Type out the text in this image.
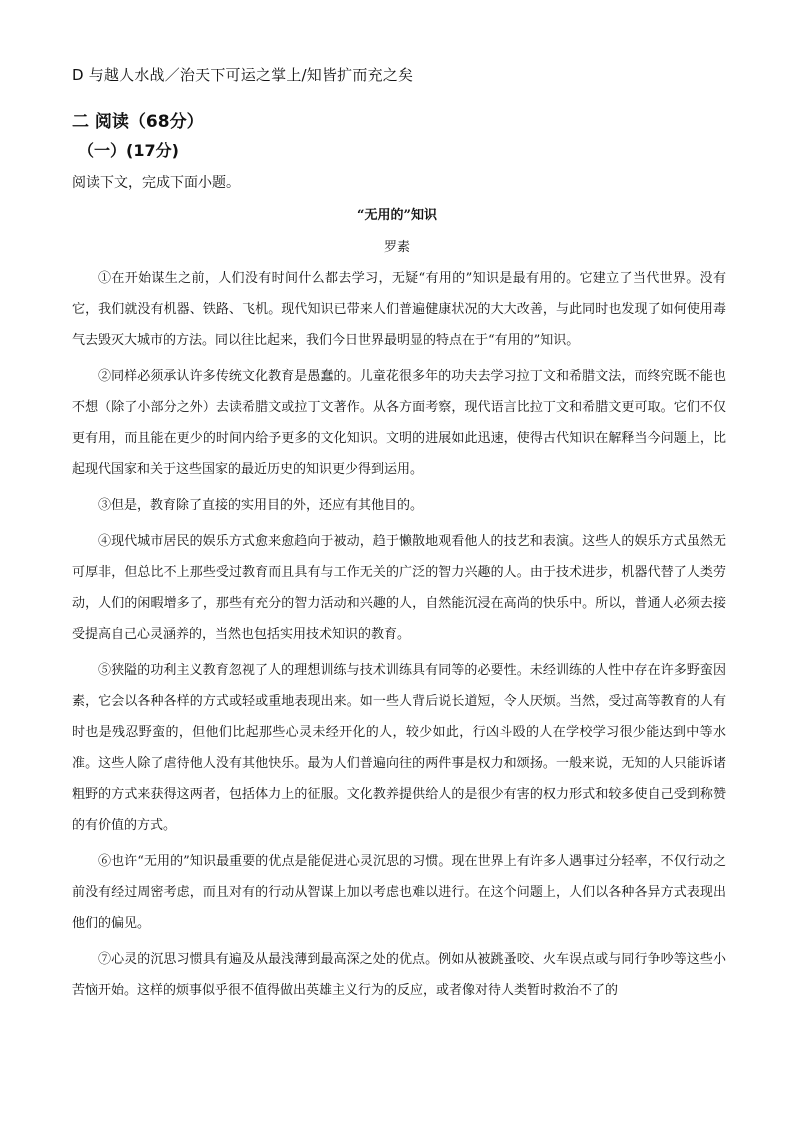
D 与越人水战／治天下可运之掌上/知皆扩而充之矣
二 阅读（68分）
（一）(17分)
阅读下文，完成下面小题。
“无用的”知识
罗素

①在开始谋生之前，人们没有时间什么都去学习，无疑“有用的”知识是最有用的。它建立了当代世界。没有它，我们就没有机器、铁路、飞机。现代知识已带来人们普遍健康状况的大大改善，与此同时也发现了如何使用毒气去毁灭大城市的方法。同以往比起来，我们今日世界最明显的特点在于“有用的”知识。

②同样必须承认许多传统文化教育是愚蠢的。儿童花很多年的功夫去学习拉丁文和希腊文法，而终究既不能也不想（除了小部分之外）去读希腊文或拉丁文著作。从各方面考察，现代语言比拉丁文和希腊文更可取。它们不仅更有用，而且能在更少的时间内给予更多的文化知识。文明的进展如此迅速，使得古代知识在解释当今问题上，比起现代国家和关于这些国家的最近历史的知识更少得到运用。

③但是，教育除了直接的实用目的外，还应有其他目的。

④现代城市居民的娱乐方式愈来愈趋向于被动，趋于懒散地观看他人的技艺和表演。这些人的娱乐方式虽然无可厚非，但总比不上那些受过教育而且具有与工作无关的广泛的智力兴趣的人。由于技术进步，机器代替了人类劳动，人们的闲暇增多了，那些有充分的智力活动和兴趣的人，自然能沉浸在高尚的快乐中。所以，普通人必须去接受提高自己心灵涵养的，当然也包括实用技术知识的教育。

⑤狭隘的功利主义教育忽视了人的理想训练与技术训练具有同等的必要性。未经训练的人性中存在许多野蛮因素，它会以各种各样的方式或轻或重地表现出来。如一些人背后说长道短，令人厌烦。当然，受过高等教育的人有时也是残忍野蛮的，但他们比起那些心灵未经开化的人，较少如此，行凶斗殴的人在学校学习很少能达到中等水准。这些人除了虐待他人没有其他快乐。最为人们普遍向往的两件事是权力和颂扬。一般来说，无知的人只能诉诸粗野的方式来获得这两者，包括体力上的征服。文化教养提供给人的是很少有害的权力形式和较多使自己受到称赞的有价值的方式。

⑥也许“无用的”知识最重要的优点是能促进心灵沉思的习惯。现在世界上有许多人遇事过分轻率，不仅行动之前没有经过周密考虑，而且对有的行动从智谋上加以考虑也难以进行。在这个问题上，人们以各种各异方式表现出他们的偏见。

⑦心灵的沉思习惯具有遍及从最浅薄到最高深之处的优点。例如从被跳蚤咬、火车误点或与同行争吵等这些小苦恼开始。这样的烦事似乎很不值得做出英雄主义行为的反应，或者像对待人类暂时救治不了的
